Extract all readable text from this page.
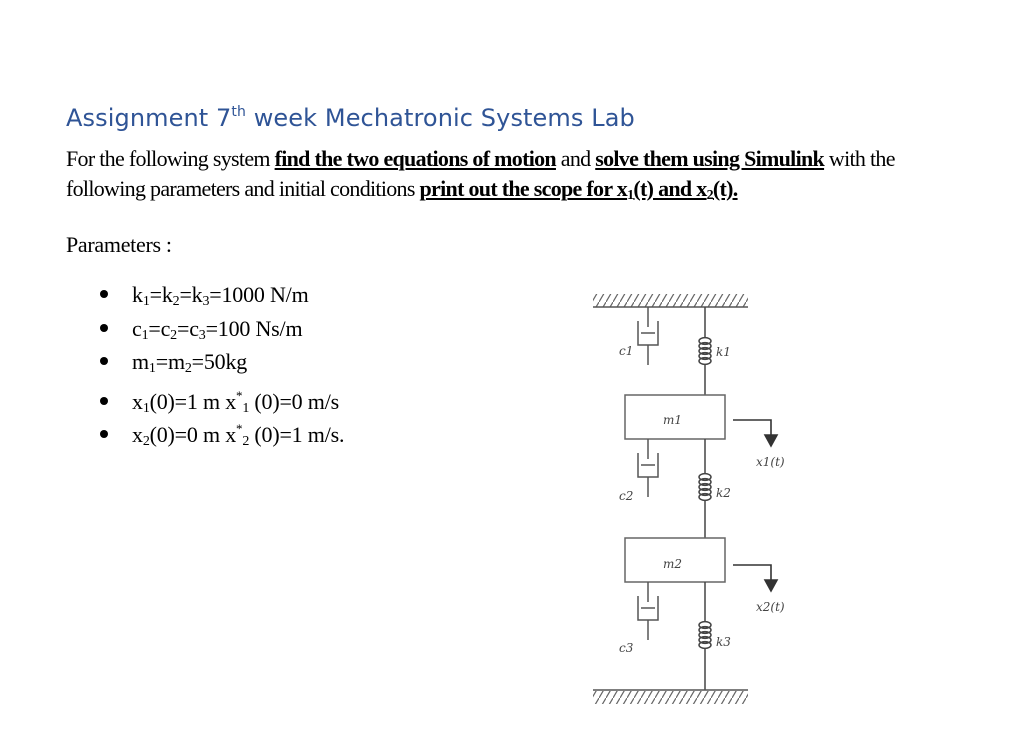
Assignment 7th week Mechatronic Systems Lab
For the following system find the two equations of motion and solve them using Simulink with the following parameters and initial conditions print out the scope for x1(t) and x2(t).
Parameters :
k1=k2=k3=1000 N/m
c1=c2=c3=100 Ns/m
m1=m2=50kg
x1(0)=1 m x*1 (0)=0 m/s
x2(0)=0 m x*2 (0)=1 m/s.
c1	k1
m1
x1(t)
c2	k2
m2
x2(t)
c3	k3
